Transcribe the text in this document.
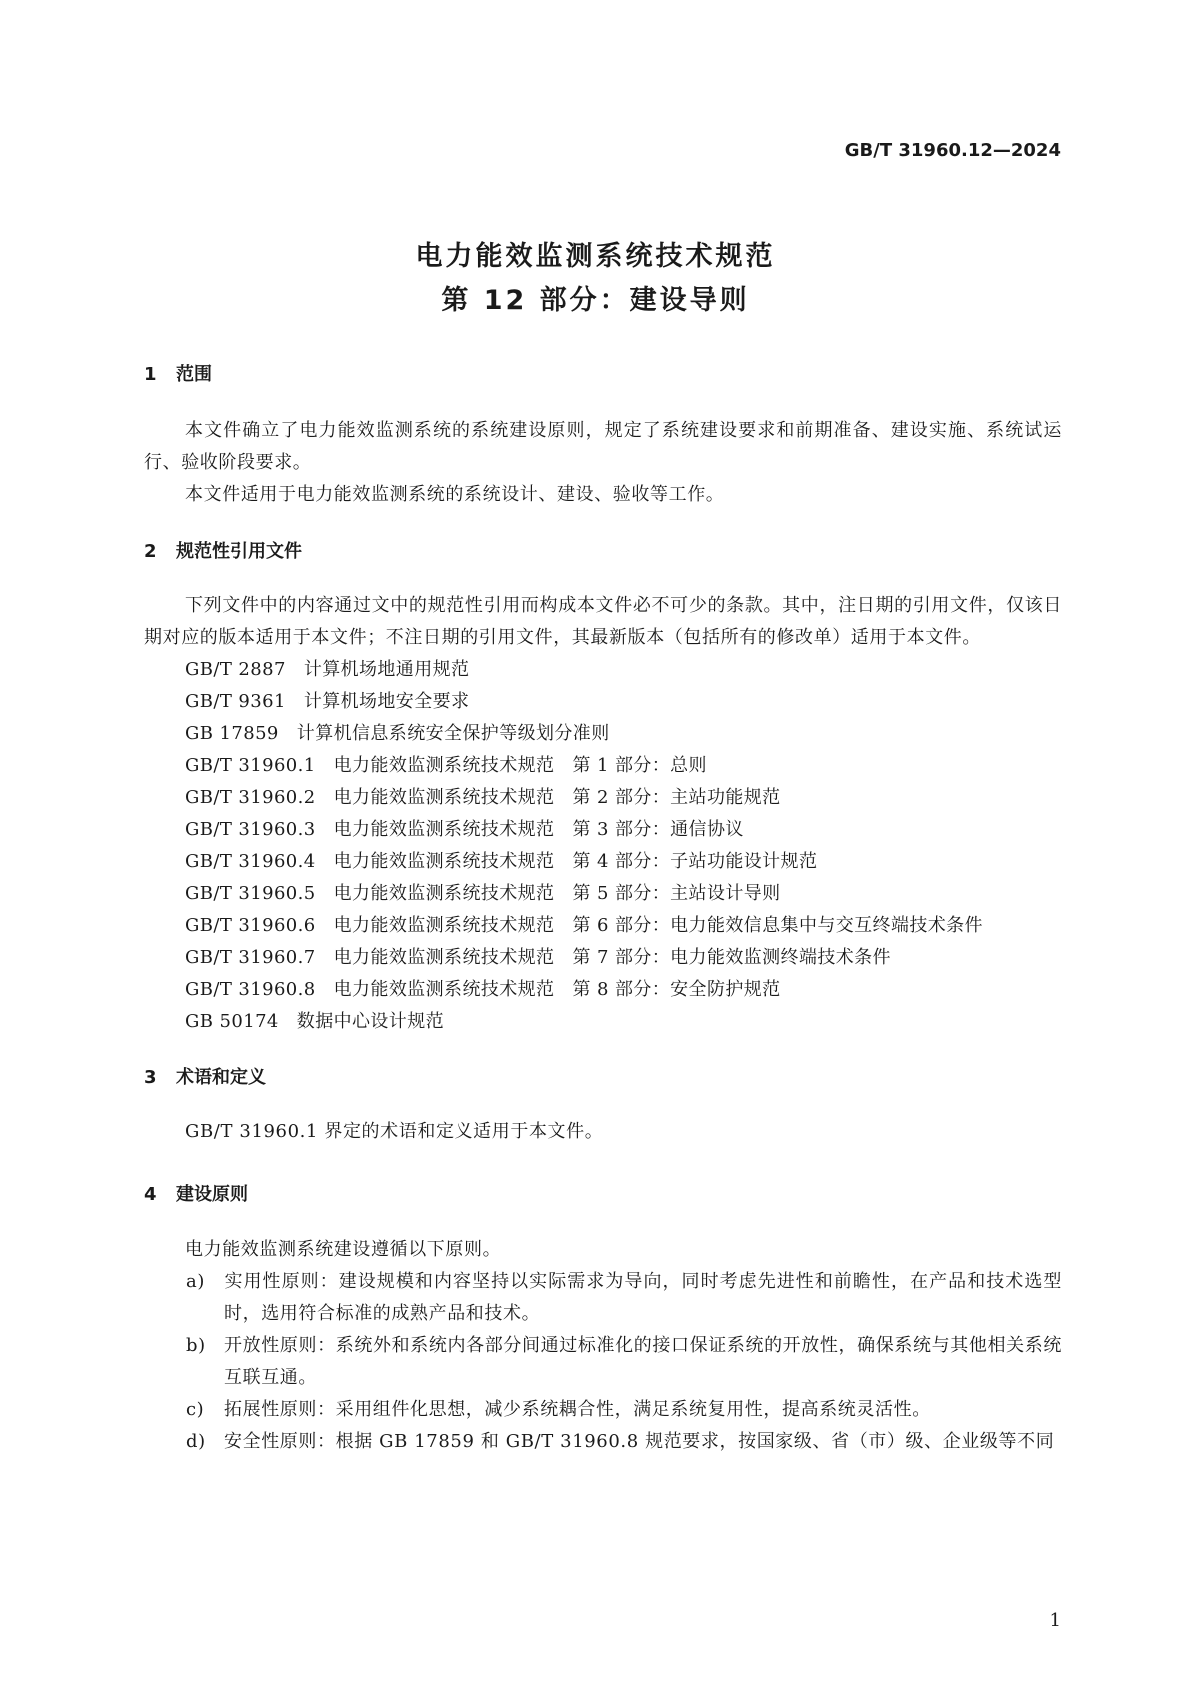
GB/T 31960.12—2024
电力能效监测系统技术规范
第 12 部分：建设导则
1 范围

本文件确立了电力能效监测系统的系统建设原则，规定了系统建设要求和前期准备、建设实施、系统试运行、验收阶段要求。

本文件适用于电力能效监测系统的系统设计、建设、验收等工作。

2 规范性引用文件

下列文件中的内容通过文中的规范性引用而构成本文件必不可少的条款。其中，注日期的引用文件，仅该日期对应的版本适用于本文件；不注日期的引用文件，其最新版本（包括所有的修改单）适用于本文件。

GB/T 2887 计算机场地通用规范

GB/T 9361 计算机场地安全要求

GB 17859 计算机信息系统安全保护等级划分准则

GB/T 31960.1 电力能效监测系统技术规范 第 1 部分：总则

GB/T 31960.2 电力能效监测系统技术规范 第 2 部分：主站功能规范

GB/T 31960.3 电力能效监测系统技术规范 第 3 部分：通信协议

GB/T 31960.4 电力能效监测系统技术规范 第 4 部分：子站功能设计规范

GB/T 31960.5 电力能效监测系统技术规范 第 5 部分：主站设计导则

GB/T 31960.6 电力能效监测系统技术规范 第 6 部分：电力能效信息集中与交互终端技术条件

GB/T 31960.7 电力能效监测系统技术规范 第 7 部分：电力能效监测终端技术条件

GB/T 31960.8 电力能效监测系统技术规范 第 8 部分：安全防护规范

GB 50174 数据中心设计规范

3 术语和定义

GB/T 31960.1 界定的术语和定义适用于本文件。

4 建设原则

电力能效监测系统建设遵循以下原则。

a) 实用性原则：建设规模和内容坚持以实际需求为导向，同时考虑先进性和前瞻性，在产品和技术选型时，选用符合标准的成熟产品和技术。

b) 开放性原则：系统外和系统内各部分间通过标准化的接口保证系统的开放性，确保系统与其他相关系统互联互通。

c) 拓展性原则：采用组件化思想，减少系统耦合性，满足系统复用性，提高系统灵活性。

d) 安全性原则：根据 GB 17859 和 GB/T 31960.8 规范要求，按国家级、省（市）级、企业级等不同

1
